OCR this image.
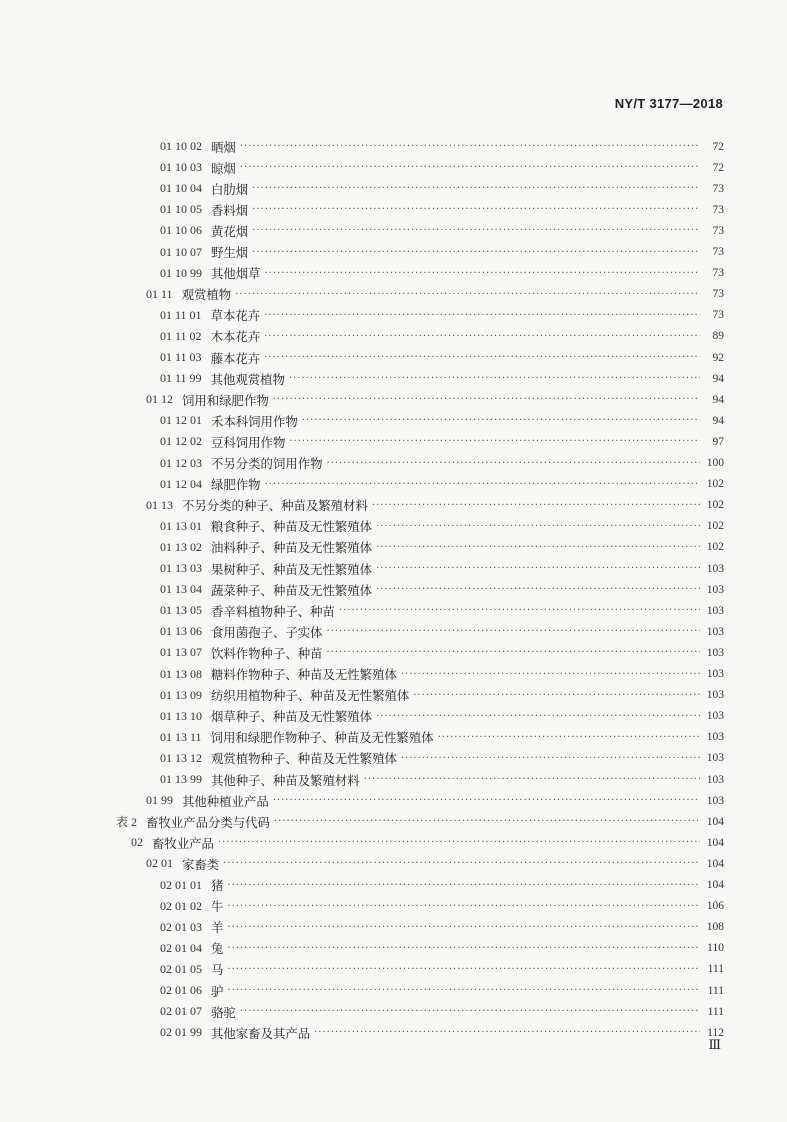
NY/T 3177—2018
01 10 02 晒烟 ·····	72
01 10 03 晾烟 ·····	72
01 10 04 白肋烟 ·····	73
01 10 05 香料烟 ·····	73
01 10 06 黄花烟 ·····	73
01 10 07 野生烟 ·····	73
01 10 99 其他烟草 ·····	73
01 11 观赏植物 ·····	73
01 11 01 草本花卉 ·····	73
01 11 02 木本花卉 ·····	89
01 11 03 藤本花卉 ·····	92
01 11 99 其他观赏植物 ·····	94
01 12 饲用和绿肥作物 ·····	94
01 12 01 禾本科饲用作物 ·····	94
01 12 02 豆科饲用作物 ·····	97
01 12 03 不另分类的饲用作物 ·····	100
01 12 04 绿肥作物 ·····	102
01 13 不另分类的种子、种苗及繁殖材料 ·····	102
01 13 01 粮食种子、种苗及无性繁殖体 ·····	102
01 13 02 油料种子、种苗及无性繁殖体 ·····	102
01 13 03 果树种子、种苗及无性繁殖体 ·····	103
01 13 04 蔬菜种子、种苗及无性繁殖体 ·····	103
01 13 05 香辛料植物种子、种苗 ·····	103
01 13 06 食用菌孢子、子实体 ·····	103
01 13 07 饮料作物种子、种苗 ·····	103
01 13 08 糖料作物种子、种苗及无性繁殖体 ·····	103
01 13 09 纺织用植物种子、种苗及无性繁殖体 ·····	103
01 13 10 烟草种子、种苗及无性繁殖体 ·····	103
01 13 11 饲用和绿肥作物种子、种苗及无性繁殖体 ·····	103
01 13 12 观赏植物种子、种苗及无性繁殖体 ·····	103
01 13 99 其他种子、种苗及繁殖材料 ·····	103
01 99 其他种植业产品 ·····	103
表 2 畜牧业产品分类与代码 ·····	104
02 畜牧业产品 ·····	104
02 01 家畜类 ·····	104
02 01 01 猪 ·····	104
02 01 02 牛 ·····	106
02 01 03 羊 ·····	108
02 01 04 兔 ·····	110
02 01 05 马 ·····	111
02 01 06 驴 ·····	111
02 01 07 骆驼 ·····	111
02 01 99 其他家畜及其产品 ·····	112
Ⅲ
